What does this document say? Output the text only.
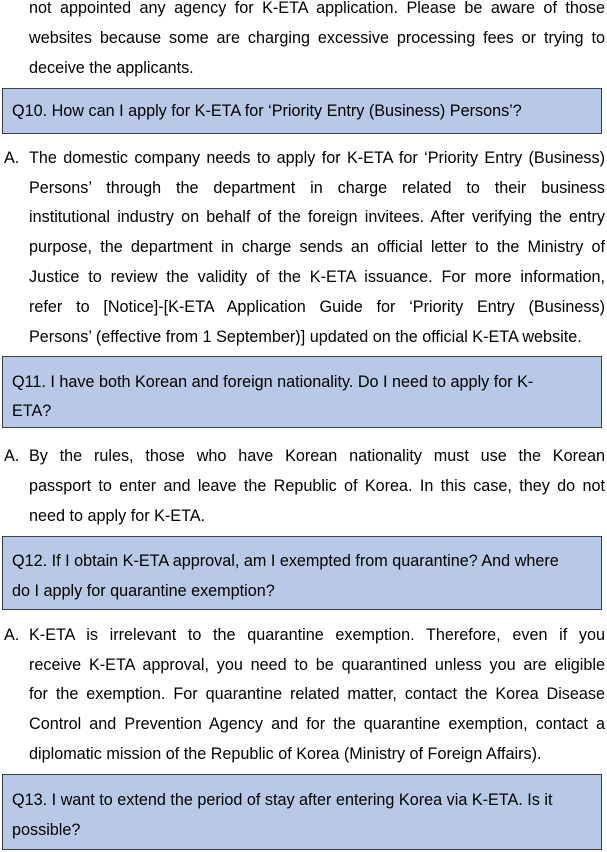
not appointed any agency for K-ETA application. Please be aware of those
websites because some are charging excessive processing fees or trying to
deceive the applicants.
Q10. How can I apply for K-ETA for ‘Priority Entry (Business) Persons’?
A. The domestic company needs to apply for K-ETA for ‘Priority Entry (Business)
Persons’ through the department in charge related to their business
institutional industry on behalf of the foreign invitees. After verifying the entry
purpose, the department in charge sends an official letter to the Ministry of
Justice to review the validity of the K-ETA issuance. For more information,
refer to [Notice]-[K-ETA Application Guide for ‘Priority Entry (Business)
Persons’ (effective from 1 September)] updated on the official K-ETA website.
Q11. I have both Korean and foreign nationality. Do I need to apply for K-
ETA?
A. By the rules, those who have Korean nationality must use the Korean
passport to enter and leave the Republic of Korea. In this case, they do not
need to apply for K-ETA.
Q12. If I obtain K-ETA approval, am I exempted from quarantine? And where
do I apply for quarantine exemption?
A. K-ETA is irrelevant to the quarantine exemption. Therefore, even if you
receive K-ETA approval, you need to be quarantined unless you are eligible
for the exemption. For quarantine related matter, contact the Korea Disease
Control and Prevention Agency and for the quarantine exemption, contact a
diplomatic mission of the Republic of Korea (Ministry of Foreign Affairs).
Q13. I want to extend the period of stay after entering Korea via K-ETA. Is it
possible?
